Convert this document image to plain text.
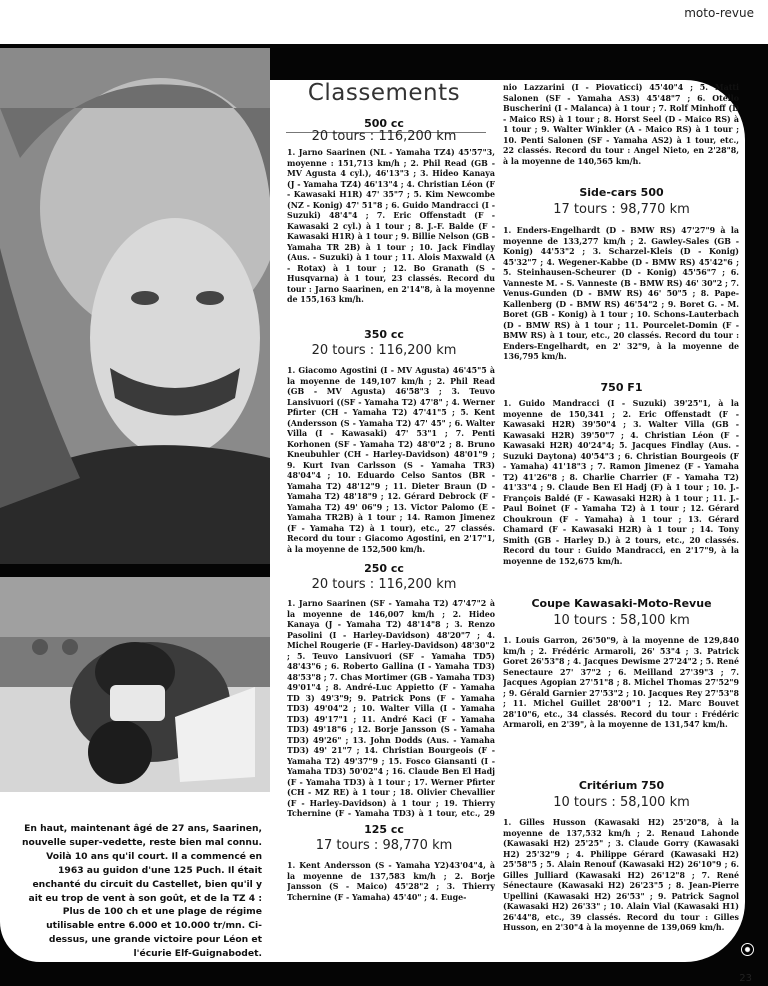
moto-revue
En haut, maintenant âgé de 27 ans, Saarinen, nouvelle super-vedette, reste bien mal connu. Voilà 10 ans qu'il court. Il a commencé en 1963 au guidon d'une 125 Puch. Il était enchanté du circuit du Castellet, bien qu'il y ait eu trop de vent à son goût, et de la TZ 4 : Plus de 100 ch et une plage de régime utilisable entre 6.000 et 10.000 tr/mn. Ci-dessus, une grande victoire pour Léon et l'écurie Elf-Guignabodet.
Classements
500 cc
20 tours : 116,200 km
1. Jarno Saarinen (NL - Yamaha TZ4) 45'57"3, moyenne : 151,713 km/h ; 2. Phil Read (GB - MV Agusta 4 cyl.), 46'13"3 ; 3. Hideo Kanaya (J - Yamaha TZ4) 46'13"4 ; 4. Christian Léon (F - Kawasaki H1R) 47' 35"7 ; 5. Kim Newcombe (NZ - Konig) 47' 51"8 ; 6. Guido Mandracci (I - Suzuki) 48'4"4 ; 7. Eric Offenstadt (F - Kawasaki 2 cyl.) à 1 tour ; 8. J.-F. Balde (F - Kawasaki H1R) à 1 tour ; 9. Billie Nelson (GB - Yamaha TR 2B) à 1 tour ; 10. Jack Findlay (Aus. - Suzuki) à 1 tour ; 11. Alois Maxwald (A - Rotax) à 1 tour ; 12. Bo Granath (S - Husqvarna) à 1 tour, 23 classés. Record du tour : Jarno Saarinen, en 2'14"8, à la moyenne de 155,163 km/h.
350 cc
20 tours : 116,200 km
1. Giacomo Agostini (I - MV Agusta) 46'45"5 à la moyenne de 149,107 km/h ; 2. Phil Read (GB - MV Agusta) 46'58"3 ; 3. Teuvo Lansivuori ((SF - Yamaha T2) 47'8" ; 4. Werner Pfirter (CH - Yamaha T2) 47'41"5 ; 5. Kent (Andersson (S - Yamaha T2) 47' 45" ; 6. Walter Villa (I - Kawasaki) 47' 53"1 ; 7. Penti Korhonen (SF - Yamaha T2) 48'0"2 ; 8. Bruno Kneubuhler (CH - Harley-Davidson) 48'01"9 ; 9. Kurt Ivan Carlsson (S - Yamaha TR3) 48'04"4 ; 10. Eduardo Celso Santos (BR - Yamaha T2) 48'12"9 ; 11. Dieter Braun (D - Yamaha T2) 48'18"9 ; 12. Gérard Debrock (F - Yamaha T2) 49' 06"9 ; 13. Victor Palomo (E - Yamaha TR2B) à 1 tour ; 14. Ramon Jimenez (F - Yamaha T2) à 1 tour), etc., 27 classés. Record du tour : Giacomo Agostini, en 2'17"1, à la moyenne de 152,500 km/h.
250 cc
20 tours : 116,200 km
1. Jarno Saarinen (SF - Yamaha T2) 47'47"2 à la moyenne de 146,007 km/h ; 2. Hideo Kanaya (J - Yamaha T2) 48'14"8 ; 3. Renzo Pasolini (I - Harley-Davidson) 48'20"7 ; 4. Michel Rougerie (F - Harley-Davidson) 48'30"2 ; 5. Teuvo Lansivuori (SF - Yamaha TD5) 48'43"6 ; 6. Roberto Gallina (I - Yamaha TD3) 48'53"8 ; 7. Chas Mortimer (GB - Yamaha TD3) 49'01"4 ; 8. André-Luc Appietto (F - Yamaha TD 3) 49'3"9; 9. Patrick Pons (F - Yamaha TD3) 49'04"2 ; 10. Walter Villa (I - Yamaha TD3) 49'17"1 ; 11. André Kaci (F - Yamaha TD3) 49'18"6 ; 12. Borje Jansson (S - Yamaha TD3) 49'26" ; 13. John Dodds (Aus. - Yamaha TD3) 49' 21"7 ; 14. Christian Bourgeois (F - Yamaha T2) 49'37"9 ; 15. Fosco Giansanti (I - Yamaha TD3) 50'02"4 ; 16. Claude Ben El Hadj (F - Yamaha TD3) à 1 tour ; 17. Werner Pfirter (CH - MZ RE) à 1 tour ; 18. Olivier Chevallier (F - Harley-Davidson) à 1 tour ; 19. Thierry Tchernine (F - Yamaha TD3) à 1 tour, etc., 29
125 cc
17 tours : 98,770 km
1. Kent Andersson (S - Yamaha Y2)43'04"4, à la moyenne de 137,583 km/h ; 2. Borje Jansson (S - Maico) 45'28"2 ; 3. Thierry Tchernine (F - Yamaha) 45'40" ; 4. Euge-
nio Lazzarini (I - Piovaticci) 45'40"4 ; 5. Matti Salonen (SF - Yamaha AS3) 45'48"7 ; 6. Otello Buscherini (I - Malanca) à 1 tour ; 7. Rolf Minhoff (D - Maico RS) à 1 tour ; 8. Horst Seel (D - Maico RS) à 1 tour ; 9. Walter Winkler (A - Maico RS) à 1 tour ; 10. Penti Salonen (SF - Yamaha AS2) à 1 tour, etc., 22 classés. Record du tour : Angel Nieto, en 2'28"8, à la moyenne de 140,565 km/h.
Side-cars 500
17 tours : 98,770 km
1. Enders-Engelhardt (D - BMW RS) 47'27"9 à la moyenne de 133,277 km/h ; 2. Gawley-Sales (GB - Konig) 44'53"2 ; 3. Scharzel-Kleis (D - Konig) 45'32"7 ; 4. Wegener-Kabbe (D - BMW RS) 45'42"6 ; 5. Steinhausen-Scheurer (D - Konig) 45'56"7 ; 6. Vanneste M. - S. Vanneste (B - BMW RS) 46' 30"2 ; 7. Venus-Gunden (D - BMW RS) 46' 50"5 ; 8. Pape-Kallenberg (D - BMW RS) 46'54"2 ; 9. Boret G. - M. Boret (GB - Konig) à 1 tour ; 10. Schons-Lauterbach (D - BMW RS) à 1 tour ; 11. Pourcelet-Domin (F - BMW RS) à 1 tour, etc., 20 classés. Record du tour : Enders-Engelhardt, en 2' 32"9, à la moyenne de 136,795 km/h.
750 F1
1. Guido Mandracci (I - Suzuki) 39'25"1, à la moyenne de 150,341 ; 2. Eric Offenstadt (F - Kawasaki H2R) 39'50"4 ; 3. Walter Villa (GB - Kawasaki H2R) 39'50"7 ; 4. Christian Léon (F - Kawasaki H2R) 40'24"4; 5. Jacques Findlay (Aus. - Suzuki Daytona) 40'54"3 ; 6. Christian Bourgeois (F - Yamaha) 41'18"3 ; 7. Ramon Jimenez (F - Yamaha T2) 41'26"8 ; 8. Charlie Charrier (F - Yamaha T2) 41'33"4 ; 9. Claude Ben El Hadj (F) à 1 tour ; 10. J.-François Baldé (F - Kawasaki H2R) à 1 tour ; 11. J.-Paul Boinet (F - Yamaha T2) à 1 tour ; 12. Gérard Choukroun (F - Yamaha) à 1 tour ; 13. Gérard Chamard (F - Kawasaki H2R) à 1 tour ; 14. Tony Smith (GB - Harley D.) à 2 tours, etc., 20 classés. Record du tour : Guido Mandracci, en 2'17"9, à la moyenne de 152,675 km/h.
Coupe Kawasaki-Moto-Revue
10 tours : 58,100 km
1. Louis Garron, 26'50"9, à la moyenne de 129,840 km/h ; 2. Frédéric Armaroli, 26' 53"4 ; 3. Patrick Goret 26'53"8 ; 4. Jacques Dewisme 27'24"2 ; 5. René Senectaure 27' 37"2 ; 6. Meilland 27'39"3 ; 7. Jacques Agopian 27'51"8 ; 8. Michel Thomas 27'52"9 ; 9. Gérald Garnier 27'53"2 ; 10. Jacques Rey 27'53"8 ; 11. Michel Guillet 28'00"1 ; 12. Marc Bouvet 28'10"6, etc., 34 classés. Record du tour : Frédéric Armaroli, en 2'39", à la moyenne de 131,547 km/h.
Critérium 750
10 tours : 58,100 km
1. Gilles Husson (Kawasaki H2) 25'20"8, à la moyenne de 137,532 km/h ; 2. Renaud Lahonde (Kawasaki H2) 25'25" ; 3. Claude Gorry (Kawasaki H2) 25'32"9 ; 4. Philippe Gérard (Kawasaki H2) 25'58"5 ; 5. Alain Renouf (Kawasaki H2) 26'10"9 ; 6. Gilles Julliard (Kawasaki H2) 26'12"8 ; 7. René Sénectaure (Kawasaki H2) 26'23"5 ; 8. Jean-Pierre Upellini (Kawasaki H2) 26'53" ; 9. Patrick Sagnol (Kawasaki H2) 26'33" ; 10. Alain Vial (Kawasaki H1) 26'44"8, etc., 39 classés. Record du tour : Gilles Husson, en 2'30"4 à la moyenne de 139,069 km/h.
23
